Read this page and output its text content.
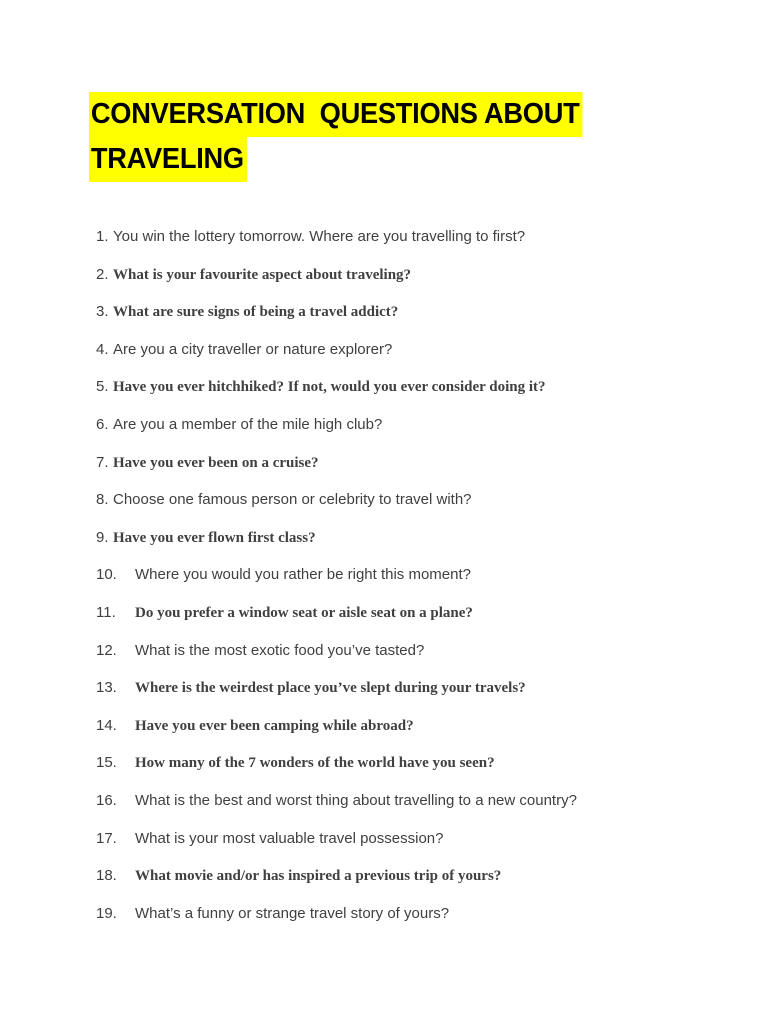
CONVERSATION  QUESTIONS ABOUT
TRAVELING
1. You win the lottery tomorrow. Where are you travelling to first?
2. What is your favourite aspect about traveling?
3. What are sure signs of being a travel addict?
4. Are you a city traveller or nature explorer?
5. Have you ever hitchhiked? If not, would you ever consider doing it?
6. Are you a member of the mile high club?
7. Have you ever been on a cruise?
8. Choose one famous person or celebrity to travel with?
9. Have you ever flown first class?
10. Where you would you rather be right this moment?
11. Do you prefer a window seat or aisle seat on a plane?
12. What is the most exotic food you’ve tasted?
13. Where is the weirdest place you’ve slept during your travels?
14. Have you ever been camping while abroad?
15. How many of the 7 wonders of the world have you seen?
16. What is the best and worst thing about travelling to a new country?
17. What is your most valuable travel possession?
18. What movie and/or has inspired a previous trip of yours?
19. What’s a funny or strange travel story of yours?
